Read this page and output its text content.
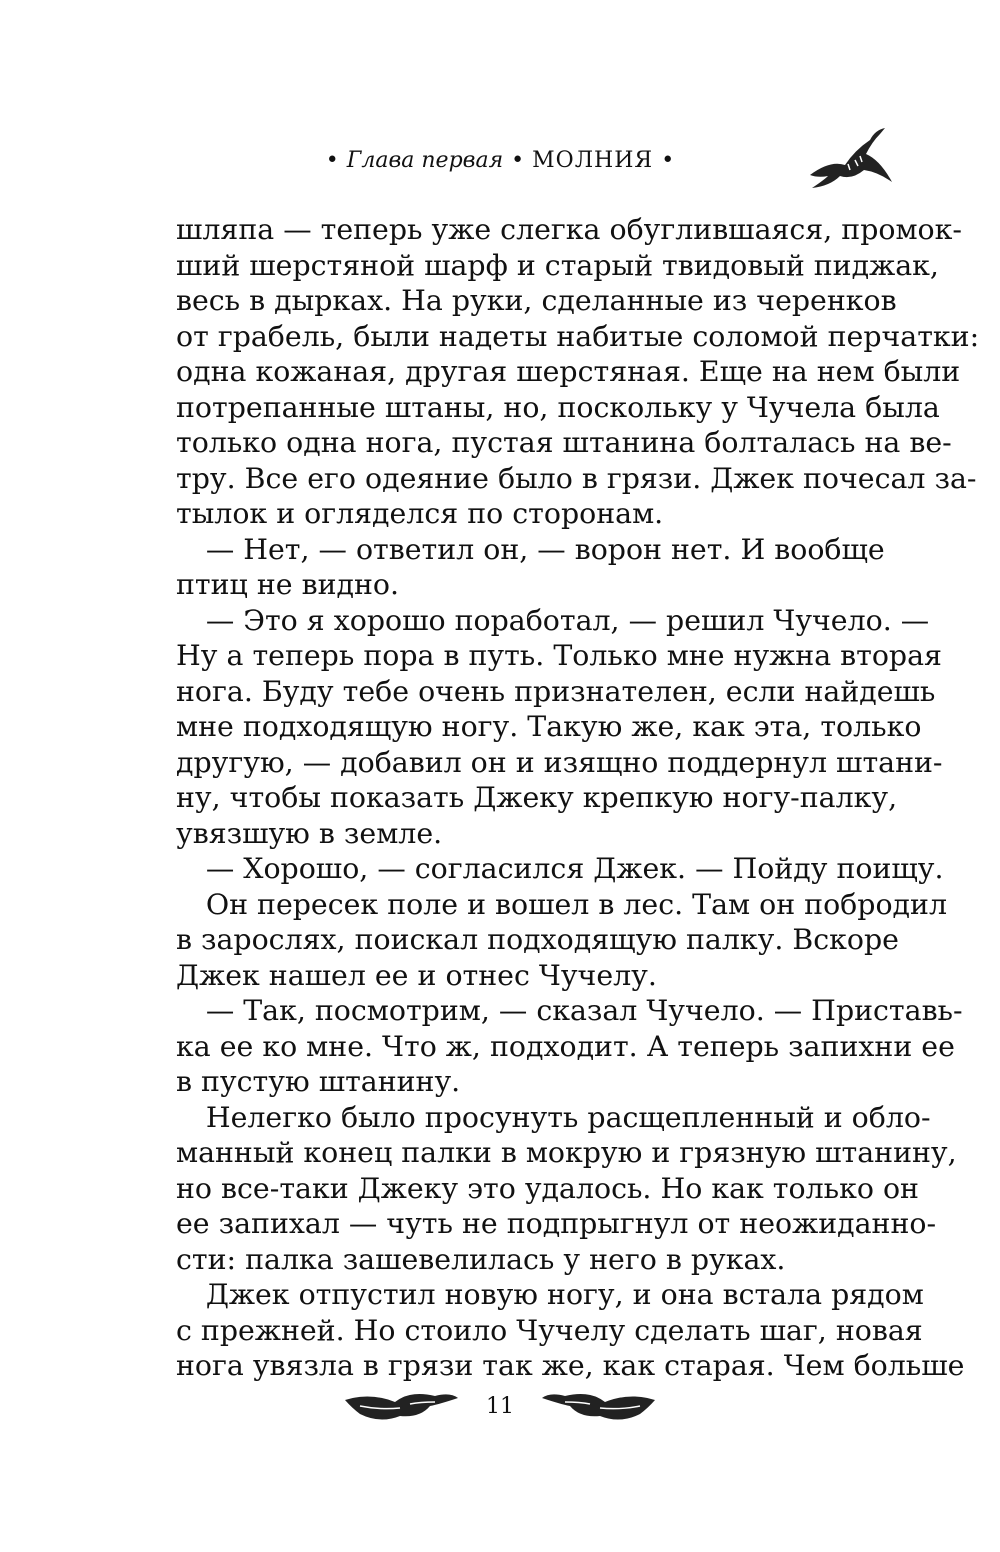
• Глава первая • МОЛНИЯ •

шляпа — теперь уже слегка обуглившаяся, промок-

ший шерстяной шарф и старый твидовый пиджак,

весь в дырках. На руки, сделанные из черенков

от грабель, были надеты набитые соломой перчатки:

одна кожаная, другая шерстяная. Еще на нем были

потрепанные штаны, но, поскольку у Чучела была

только одна нога, пустая штанина болталась на ве-

тру. Все его одеяние было в грязи. Джек почесал за-

тылок и огляделся по сторонам.

— Нет, — ответил он, — ворон нет. И вообще

птиц не видно.

— Это я хорошо поработал, — решил Чучело. —

Ну а теперь пора в путь. Только мне нужна вторая

нога. Буду тебе очень признателен, если найдешь

мне подходящую ногу. Такую же, как эта, только

другую, — добавил он и изящно поддернул штани-

ну, чтобы показать Джеку крепкую ногу-палку,

увязшую в земле.

— Хорошо, — согласился Джек. — Пойду поищу.

Он пересек поле и вошел в лес. Там он побродил

в зарослях, поискал подходящую палку. Вскоре

Джек нашел ее и отнес Чучелу.

— Так, посмотрим, — сказал Чучело. — Приставь-

ка ее ко мне. Что ж, подходит. А теперь запихни ее

в пустую штанину.

Нелегко было просунуть расщепленный и обло-

манный конец палки в мокрую и грязную штанину,

но все-таки Джеку это удалось. Но как только он

ее запихал — чуть не подпрыгнул от неожиданно-

сти: палка зашевелилась у него в руках.

Джек отпустил новую ногу, и она встала рядом

с прежней. Но стоило Чучелу сделать шаг, новая

нога увязла в грязи так же, как старая. Чем больше

11
